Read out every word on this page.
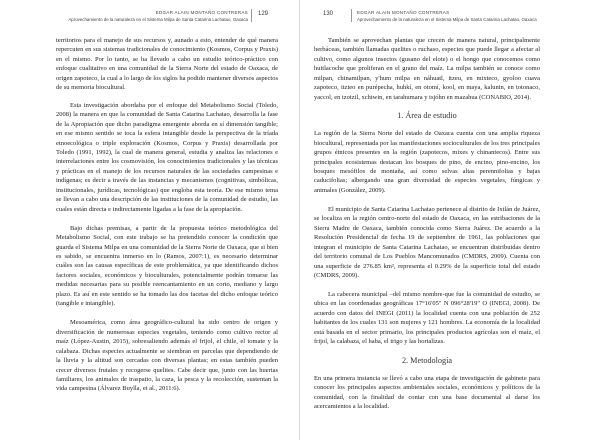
EDGAR ALAIN MONTAÑO CONTRERAS
Aprovechamiento de la naturaleza en el Sistema Milpa de Santa Catarina Lachatao, Oaxaca
129

territorios para el manejo de sus recursos y, aunado a esto, entender de qué manera repercuten en sus sistemas tradicionales de conocimiento (Kosmos, Corpus y Praxis) en el mismo. Por lo tanto, se ha llevado a cabo un estudio teórico-práctico con enfoque cualitativo en una comunidad de la Sierra Norte del estado de Oaxaca, de origen zapoteco, la cual a lo largo de los siglos ha podido mantener diversos aspectos de su memoria biocultural.

Esta investigación abordaba por el enfoque del Metabolismo Social (Toledo, 2008) la manera en que la comunidad de Santa Catarina Lachatao, desarrolla la fase de la Apropiación que dicho paradigma emergente aborda en sí dimensión tangible; en ese mismo sentido se toca la esfera intangible desde la perspectiva de la tríada etnoecológica o triple exploración (Kosmos, Corpus y Praxis) desarrollada por Toledo (1991, 1992), la cual de manera general, estudia y analiza las relaciones e interrelaciones entre los cosmovisión, los conocimientos tradicionales y las técnicas y prácticas en el manejo de los recursos naturales de las sociedades campesinas e indígenas; es decir a través de las instancias y mecanismos (cognitivas, simbólicas, institucionales, jurídicas, tecnológicas) que engloba esta teoría. De ese mismo tema se llevan a cabo una descripción de las instituciones de la comunidad de estudio, las cuales están directa e indirectamente ligadas a la fase de la apropiación.

Bajo dichas premisas, a partir de la propuesta teórico metodológica del Metabolismo Social, con este trabajo se ha pretendido conocer la condición que guarda el Sistema Milpa en una comunidad de la Sierra Norte de Oaxaca, que si bien es sabido, se encuentra inmerso en lo (Ramos, 2007:1), es necesario determinar cuáles son las causas específicas de este problemática, ya que identificando dichos factores sociales, económicos y bioculturales, potencialmente podrán tomarse las medidas necesarias para su posible reencantamiento en un corto, mediano y largo plazo. Es así en este sentido se ha tomado las dos facetas del dicho enfoque teórico (tangible e intangible).

Mesoamérica, como área geográfico-cultural ha sido centro de origen y diversificación de numerosas especies vegetales, teniendo como cultivo rector al maíz (López-Austin, 2015), sobresaliendo además el frijol, el chile, el tomate y la calabaza. Dichas especies actualmente se siembran en parcelas que dependiendo de la lluvia y la altitud son cercadas con diversas plantas; en estas también pueden crecer diversos frutales y recogerse quelites. Cabe decir que, junto con las huertas familiares, los animales de traspatio, la caza, la pesca y la recolección, sustentan la vida campesina (Álvarez Buylla, et al., 2011:6).

130	EDGAR ALAIN MONTAÑO CONTRERAS
Aprovechamiento de la naturaleza en el Sistema Milpa de Santa Catarina Lachatao, Oaxaca

También se aprovechan plantas que crecen de manera natural, principalmente herbáceas, también llamadas quelites o ruchaso, especies que puede llegar a afectar al cultivo, como algunos insectos (gusano del elote) o el hongo que conocemos como huitlacoche que proliferan en el grano del maíz. La milpa también se conoce como milpan, chinamilpan, y'hum milpa en náhuatl, itzeu, en mixteco, gyoloo cuava zapoteco, itzteo en purépecha, huhkí, en otomí, kool, en maya, kalunin, en totonaco, yaccol, en tzotzil, xchiwin, en tarahumara y tsjóhn en mazahua (CONABIO, 2014).

1. Área de estudio

La región de la Sierra Norte del estado de Oaxaca cuenta con una amplia riqueza biocultural, representada por las manifestaciones socioculturales de los tres principales grupos étnicos presentes en la región (zapotecos, mixes y chinantecos). Entre sus principales ecosistemas destacan los bosques de pino, de encino, pino-encino, los bosques mesófilos de montaña, así como selvas altas perennifolias y bajas caducifolias; albergando una gran diversidad de especies vegetales, fúngicas y animales (González, 2009).

El municipio de Santa Catarina Lachatao pertenece al distrito de Ixtlán de Juárez, se localiza en la región centro-norte del estado de Oaxaca, en las estribaciones de la Sierra Madre de Oaxaca, también conocida como Sierra Juárez. De acuerdo a la Resolución Presidencial de fecha 19 de septiembre de 1961, las poblaciones que integran el municipio de Santa Catarina Lachatao, se encuentran distribuidas dentro del territorio comunal de Los Pueblos Mancomunados (CMDRS, 2009). Cuenta con una superficie de 276.85 km², representa el 0.29% de la superficie total del estado (CMDRS, 2009).

La cabecera municipal –del mismo nombre-que fue la comunidad de estudio, se ubica en las coordenadas geográficas 17°16'05" N 096°28'19" O (INEGI, 2008). De acuerdo con datos del INEGI (2011) la localidad cuenta con una población de 252 habitantes de los cuales 131 son mujeres y 121 hombres. La economía de la localidad está basada en el sector primario, los principales productos agrícolas son el maíz, el frijol, la calabaza, el haba, el trigo y las hortalizas.

2. Metodología

En una primera instancia se llevó a cabo una etapa de investigación de gabinete para conocer los principales aspectos ambientales sociales, económicos y políticos de la comunidad, con la finalidad de contar con una base documental al darse los acercamientos a la localidad.
